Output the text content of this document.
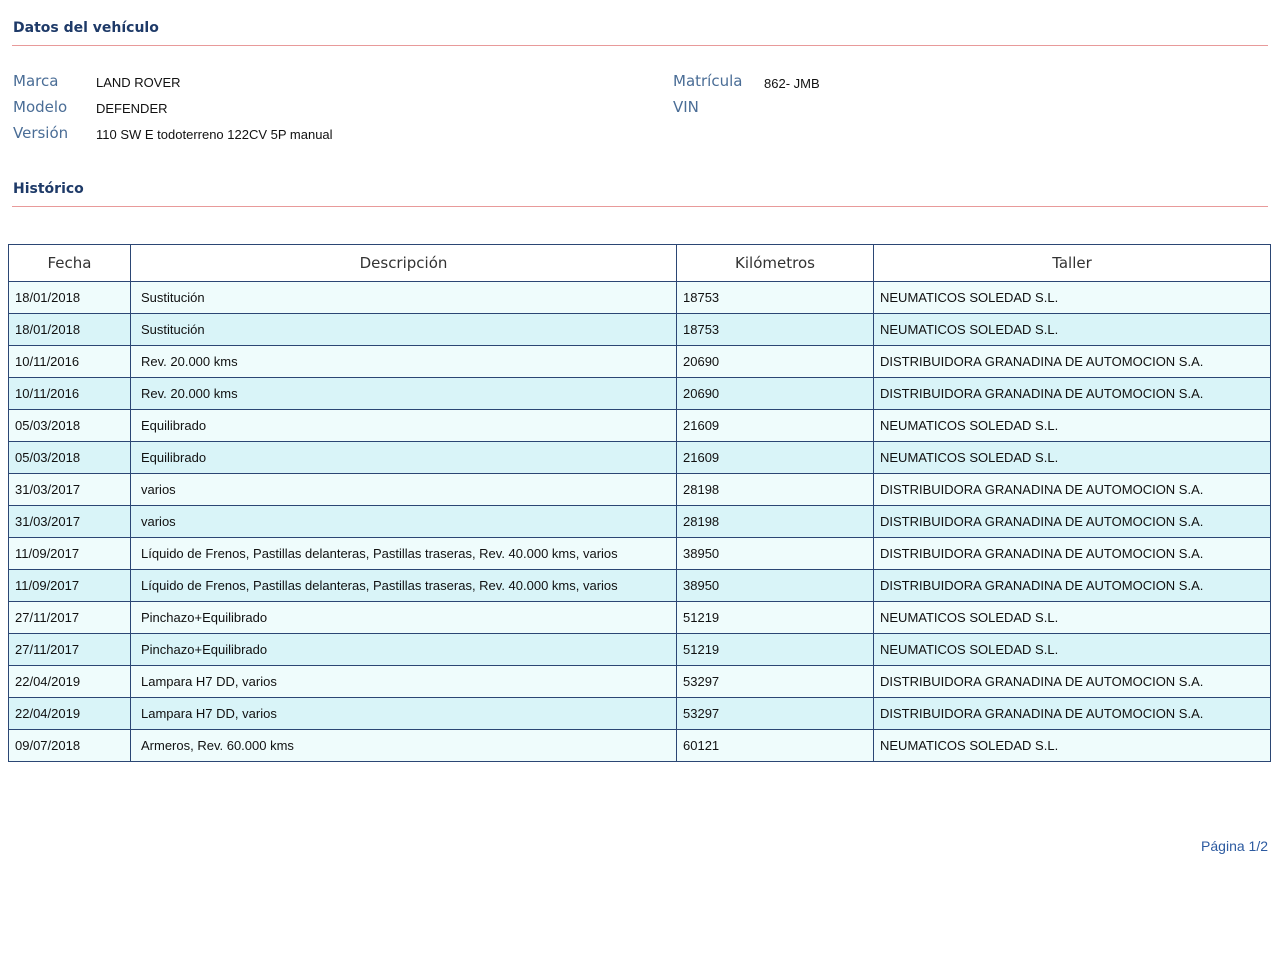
Datos del vehículo
Marca	LAND ROVER
Modelo DEFENDER
Versión 110 SW E todoterreno 122CV 5P manual
Matrícula 862- JMB
VIN
Histórico
Fecha	Descripción	Kilómetros	Taller
18/01/2018	Sustitución	18753	NEUMATICOS SOLEDAD S.L.
18/01/2018	Sustitución	18753	NEUMATICOS SOLEDAD S.L.
10/11/2016	Rev. 20.000 kms	20690	DISTRIBUIDORA GRANADINA DE AUTOMOCION S.A.
10/11/2016	Rev. 20.000 kms	20690	DISTRIBUIDORA GRANADINA DE AUTOMOCION S.A.
05/03/2018	Equilibrado	21609	NEUMATICOS SOLEDAD S.L.
05/03/2018	Equilibrado	21609	NEUMATICOS SOLEDAD S.L.
31/03/2017	varios	28198	DISTRIBUIDORA GRANADINA DE AUTOMOCION S.A.
31/03/2017	varios	28198	DISTRIBUIDORA GRANADINA DE AUTOMOCION S.A.
11/09/2017	Líquido de Frenos, Pastillas delanteras, Pastillas traseras, Rev. 40.000 kms, varios	38950	DISTRIBUIDORA GRANADINA DE AUTOMOCION S.A.
11/09/2017	Líquido de Frenos, Pastillas delanteras, Pastillas traseras, Rev. 40.000 kms, varios	38950	DISTRIBUIDORA GRANADINA DE AUTOMOCION S.A.
27/11/2017	Pinchazo+Equilibrado	51219	NEUMATICOS SOLEDAD S.L.
27/11/2017	Pinchazo+Equilibrado	51219	NEUMATICOS SOLEDAD S.L.
22/04/2019	Lampara H7 DD, varios	53297	DISTRIBUIDORA GRANADINA DE AUTOMOCION S.A.
22/04/2019	Lampara H7 DD, varios	53297	DISTRIBUIDORA GRANADINA DE AUTOMOCION S.A.
09/07/2018	Armeros, Rev. 60.000 kms	60121	NEUMATICOS SOLEDAD S.L.
Página 1/2
